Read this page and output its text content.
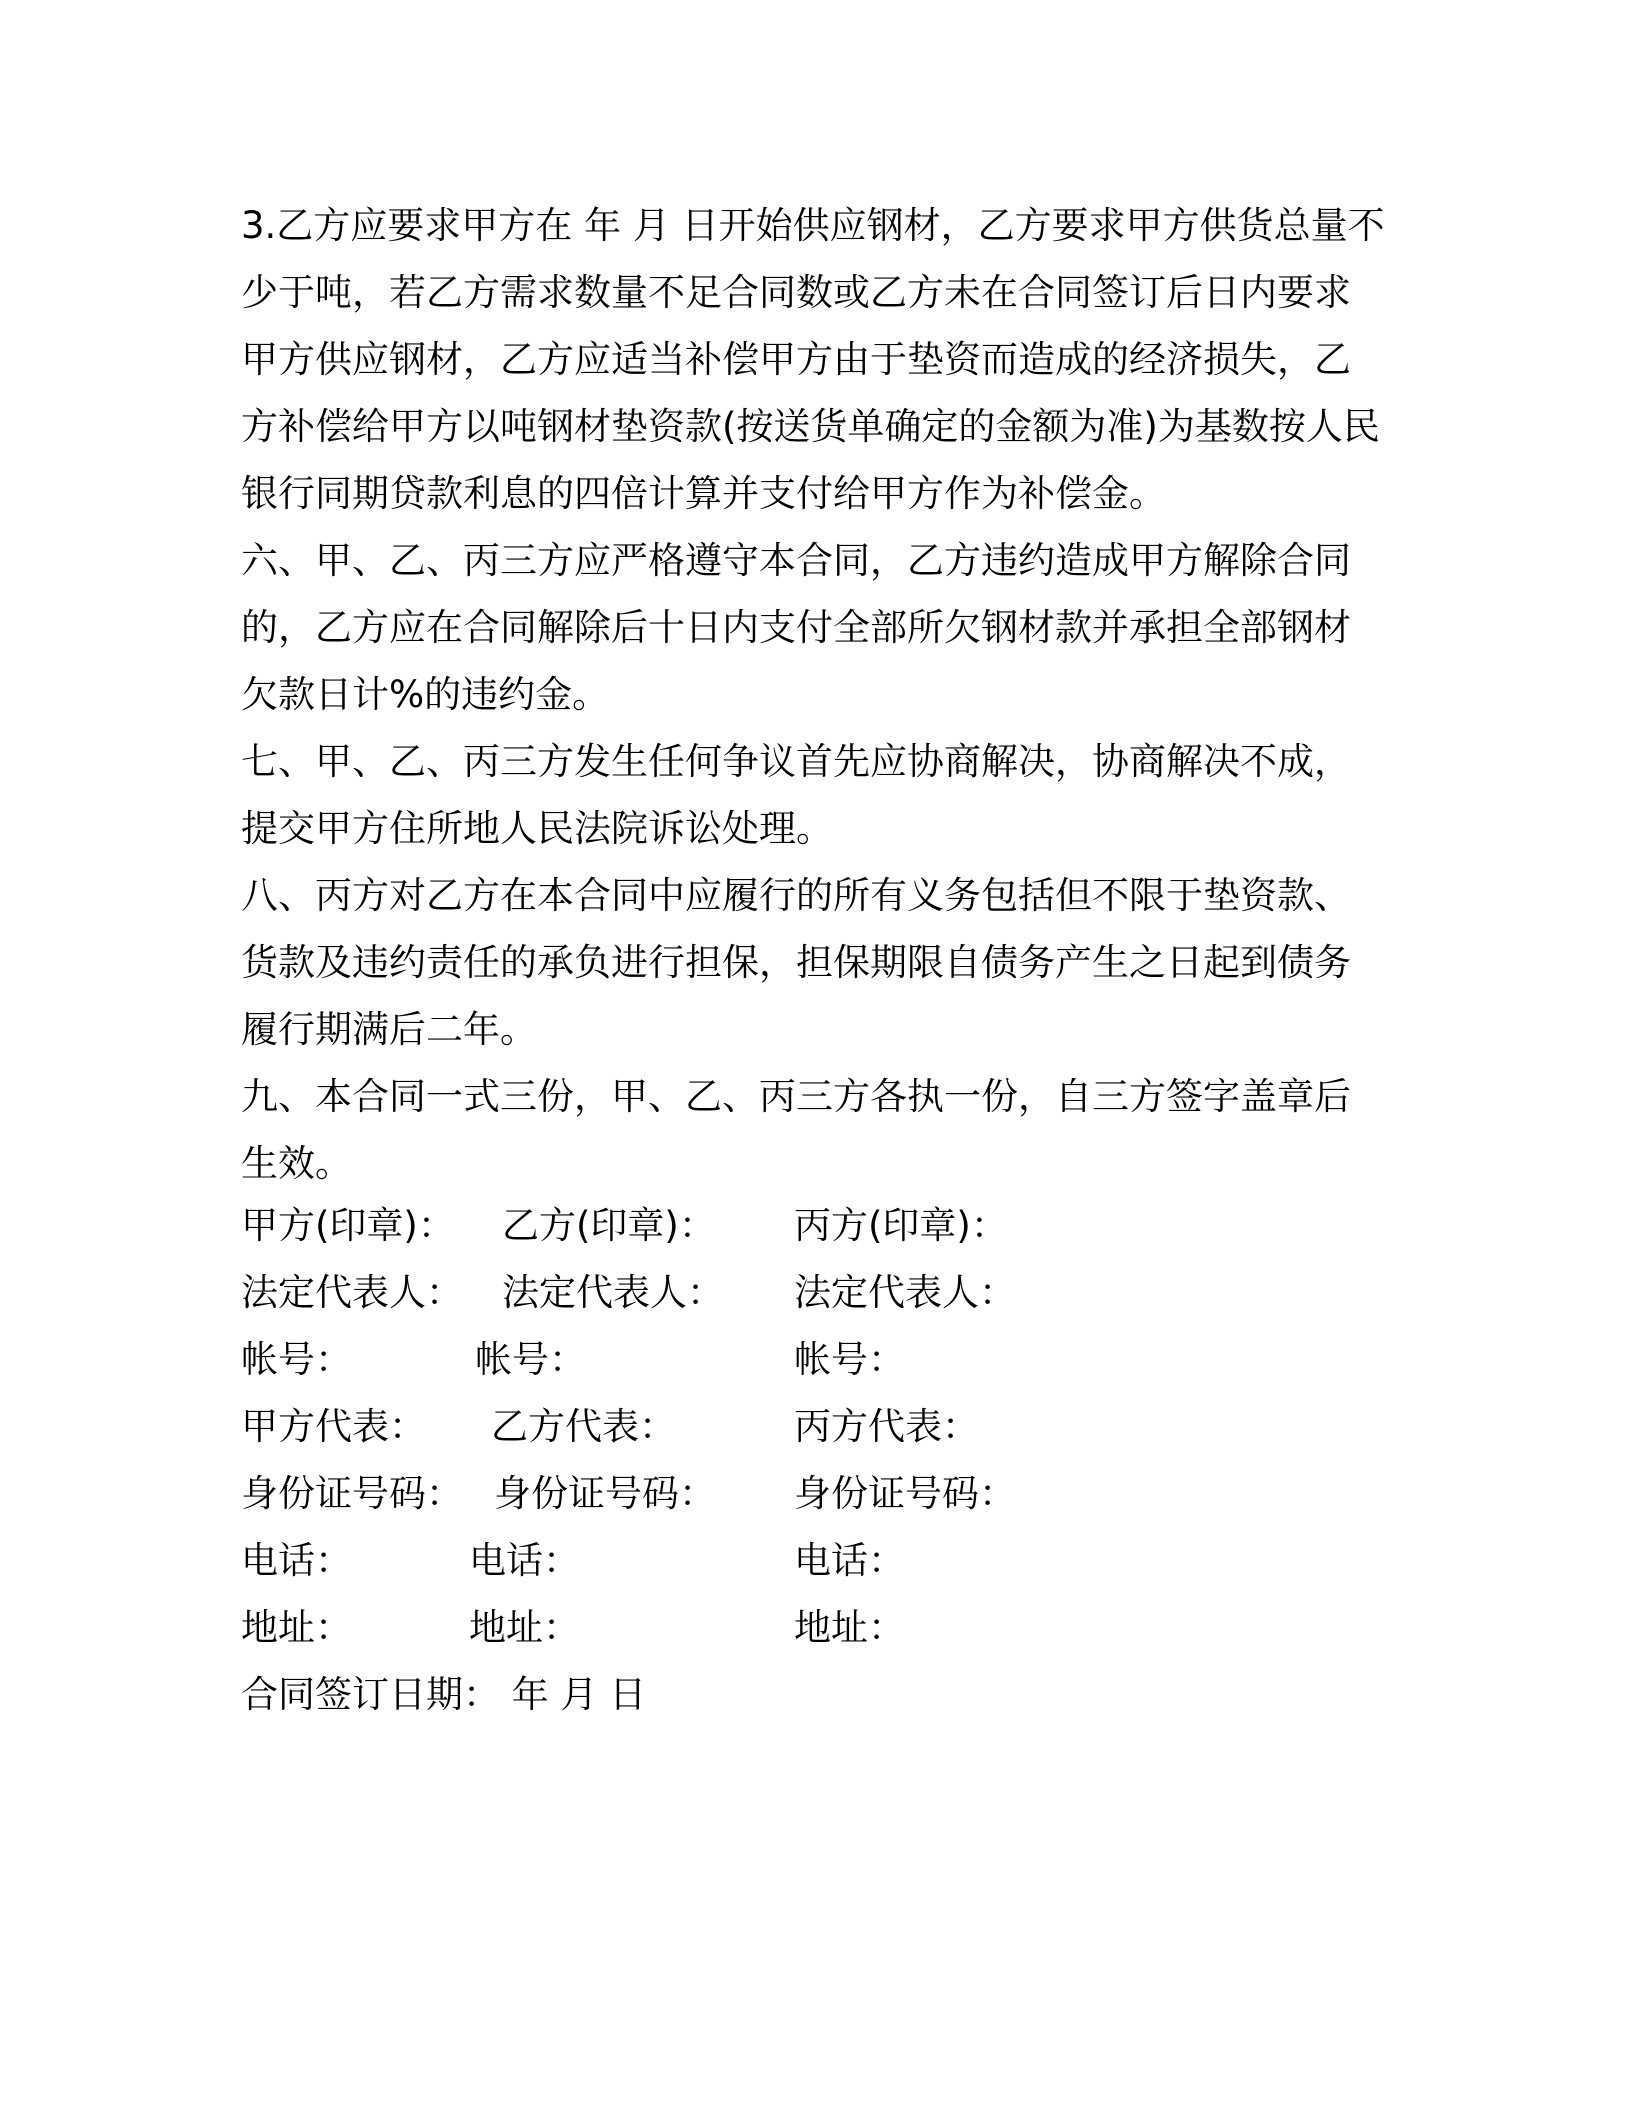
3.乙方应要求甲方在 年 月 日开始供应钢材，乙方要求甲方供货总量不
少于吨，若乙方需求数量不足合同数或乙方未在合同签订后日内要求
甲方供应钢材，乙方应适当补偿甲方由于垫资而造成的经济损失，乙
方补偿给甲方以吨钢材垫资款(按送货单确定的金额为准)为基数按人民
银行同期贷款利息的四倍计算并支付给甲方作为补偿金。
六、甲、乙、丙三方应严格遵守本合同，乙方违约造成甲方解除合同
的，乙方应在合同解除后十日内支付全部所欠钢材款并承担全部钢材
欠款日计%的违约金。
七、甲、乙、丙三方发生任何争议首先应协商解决，协商解决不成，
提交甲方住所地人民法院诉讼处理。
八、丙方对乙方在本合同中应履行的所有义务包括但不限于垫资款、
货款及违约责任的承负进行担保，担保期限自债务产生之日起到债务
履行期满后二年。
九、本合同一式三份，甲、乙、丙三方各执一份，自三方签字盖章后
生效。
甲方(印章)： 乙方(印章)： 丙方(印章)：
法定代表人： 法定代表人： 法定代表人：
帐号：	帐号：	帐号：
甲方代表： 乙方代表：	丙方代表：
身份证号码： 身份证号码： 身份证号码：
电话：	电话：	电话：
地址：	地址：	地址：
合同签订日期： 年 月 日
